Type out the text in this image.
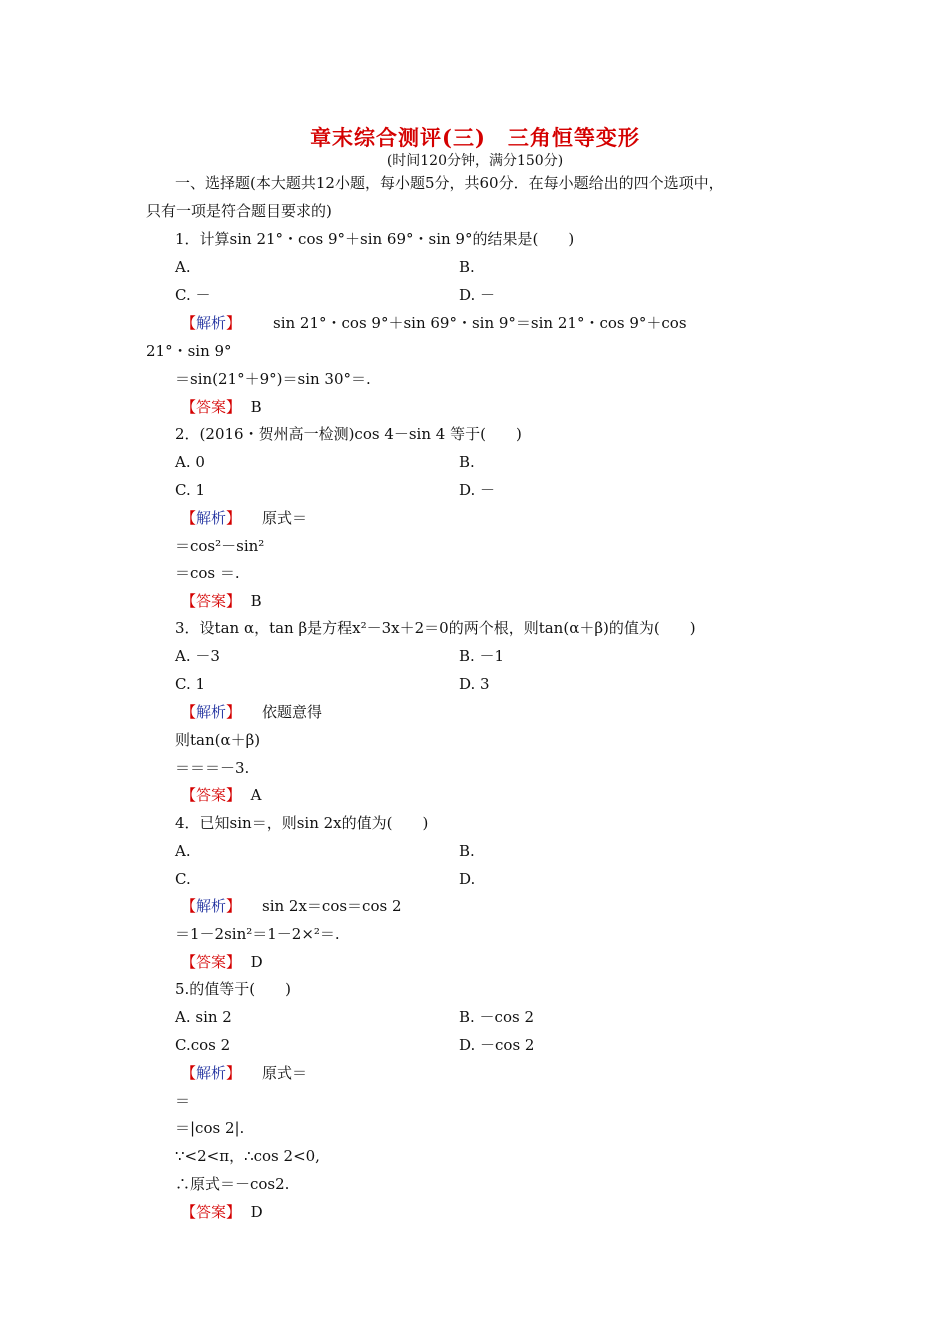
章末综合测评(三)　三角恒等变形
(时间120分钟，满分150分)
一、选择题(本大题共12小题，每小题5分，共60分．在每小题给出的四个选项中，
只有一项是符合题目要求的)
1．计算sin 21°・cos 9°＋sin 69°・sin 9°的结果是(　　)
A.	B.
C. －	D. －
【解析】 sin 21°・cos 9°＋sin 69°・sin 9°＝sin 21°・cos 9°＋cos
21°・sin 9°
＝sin(21°＋9°)＝sin 30°＝.
【答案】 B
2．(2016・贺州高一检测)cos 4－sin 4 等于(　　)
A. 0	B.
C. 1	D. －
【解析】 原式＝
＝cos²－sin²
＝cos ＝.
【答案】 B
3．设tan α，tan β是方程x²－3x＋2＝0的两个根，则tan(α＋β)的值为(　　)
A. －3	B. －1
C. 1	D. 3
【解析】 依题意得
则tan(α＋β)
＝＝＝－3.
【答案】 A
4．已知sin＝，则sin 2x的值为(　　)
A.	B.
C.	D.
【解析】 sin 2x＝cos＝cos 2
＝1－2sin²＝1－2×²＝.
【答案】 D
5.的值等于(　　)
A. sin 2	B. －cos 2
C.cos 2	D. －cos 2
【解析】 原式＝
＝
＝|cos 2|.
∵<2<π，∴cos 2<0,
∴原式＝－cos2.
【答案】 D
